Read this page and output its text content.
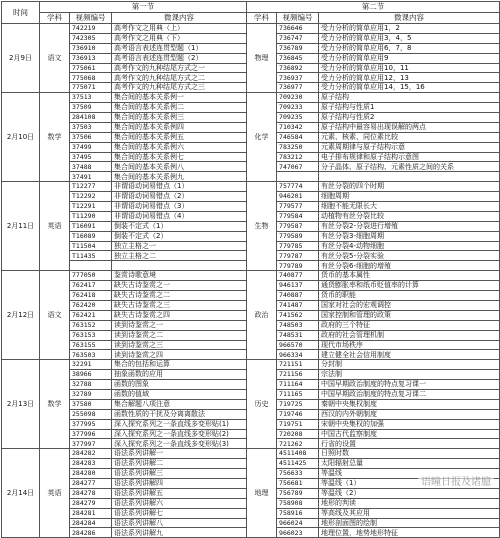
时间	第一节			第二节		
	学科	视频编号	微课内容	学科	视频编号	微课内容
2月9日	语文	742219	高考作文之用典（上）	物理	736646	受力分析的简单应用1，2
		742305	高考作文之用典（下）		736747	受力分析的简单应用3，4，5
		736910	高考语言表述连贯型题（1）		736789	受力分析的简单应用6，7，8
		736913	高考语言表述连贯型题（2）		736845	受力分析的简单应用9
		775061	高考作文的九种结尾方式之一		736892	受力分析的简单应用10，11
		775068	高考作文的九种结尾方式之二		736937	受力分析的简单应用12，13
		775071	高考作文的九种结尾方式之三		736977	受力分析的简单应用14，15，16
2月10日	数学	37513	集合间的基本关系例一	化学	709230	原子结构
		37509	集合间的基本关系例二		709233	原子结构与性质1
		284108	集合间的基本关系例三		709235	原子结构与性质2
		37503	集合间的基本关系例四		710342	原子结构中最容易出现误解的两点
		37506	集合间的基本关系例五		746584	元素、核素、同位素比较
		37499	集合间的基本关系例六		783250	元素周期律与原子结构示意
		37495	集合间的基本关系例七		783212	电子排布规律和原子结构示意图
		37488	集合间的基本关系例八		747067	分子晶体、原子结构、元素性质之间的关系
		37491	集合间的基本关系例九			
2月11日	英语	T12277	非谓语动词易错点（1）	生物	757774	有丝分裂的四个时期
		T12292	非谓语动词易错点（2）		946201	细胞周期
		T12291	非谓语动词易错点（3）		779577	细胞不能无限长大
		T11290	非谓语动词易错点（4）		779584	动植物有丝分裂比较
		T16091	倒装不定式（1）		779587	有丝分裂2-分裂进行增殖
		T16089	倒装不定式（2）		779589	有丝分裂3-细胞周期
		T11504	独立主格之一		779785	有丝分裂4-动物细胞
		T11435	独立主格之二		779787	有丝分裂5-分裂实验
					779789	有丝分裂6-细胞的增殖
2月12日	语文	777050	鉴赏诗歌意境	政治	740877	货币的基本属性
		762417	缺失古诗鉴赏之一		946137	通货膨胀率和纸币贬值率的计算
		762418	缺失古诗鉴赏之二		740887	货币的职能
		762420	缺失古诗鉴赏之三		741487	国家对社会的宏观调控
		762421	缺失古诗鉴赏之四		741562	国家控制和管理的政策
		763152	读到诗鉴赏之一		748503	政府的三个特征
		763153	读到诗鉴赏之二		748531	政府的社会管理机制
		763155	读到诗鉴赏之三		966570	现代市场秩序
		763503	读到诗鉴赏之四		966334	建立健全社会信用制度
2月13日	数学	32291	集合的包括和运算	历史	721151	分封制
		38966	抽象函数的应用		721156	宗法制
		32788	函数的图象		711164	中国早期政治制度的特点复习课一
		32789	函数的值域		711165	中国早期政治制度的特点复习课二
		37580	集合解题八项注意		719725	秦朝中央集权制度
		255098	函数性质的干扰及分离离散法		719746	西汉的内外朝制度
		377995	深入探究系列之一条直线多变形贴(1)		719751	宋朝中央集权的加强
		377996	深入探究系列之一条直线多变形贴(2)		720208	中国古代监察制度
		377997	深入探究系列之一条直线多变形贴(3)		721262	行省的设置
2月14日	英语	284282	语法系列讲解一	地理	4511408	日照时数
		284283	语法系列讲解二		4511425	太阳辐射总量
		284280	语法系列讲解三		756633	等温线
		284277	语法系列讲解四		756681	等温线（1）
		284278	语法系列讲解五		756789	等温线（2）
		284279	语法系列讲解六		758908	地形的判读
		284281	语法系列讲解七		758916	等高线及其应用
		284284	语法系列讲解八		966024	地形剖面图的绘制
		284286	语法系列讲解九		966023	地理位置，地势地形特征
语瞳日报及诸臆
